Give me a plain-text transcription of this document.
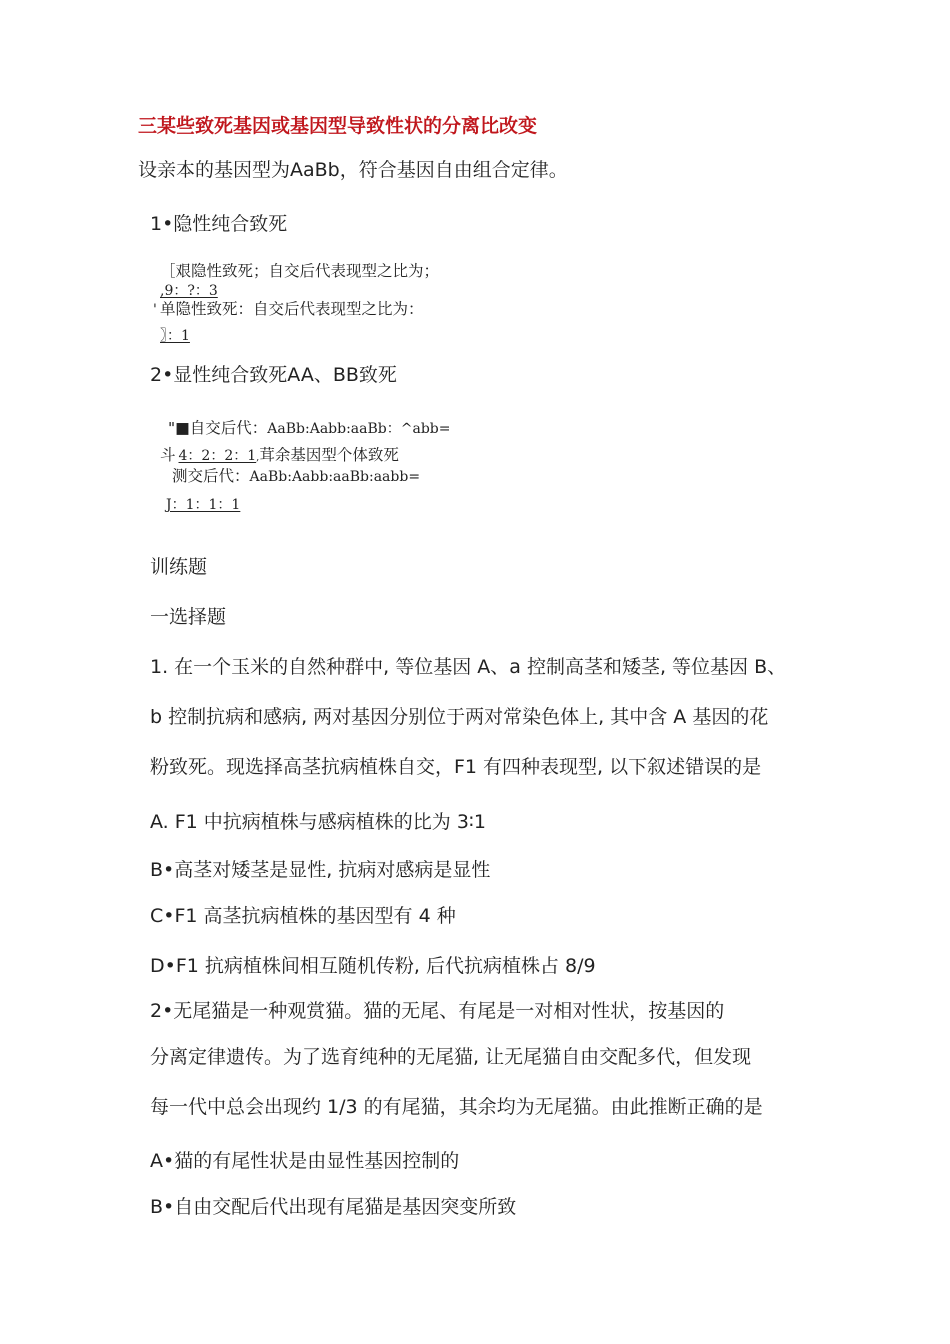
三某些致死基因或基因型导致性状的分离比改变
设亲本的基因型为AaBb，符合基因自由组合定律。
1•隐性纯合致死
［艰隐性致死；自交后代表现型之比为；
,9：?：3
' 单隐性致死：自交后代表现型之比为：
〗：1
2•显性纯合致死AA、BB致死
"■自交后代：AaBb:Aabb:aaBb：^abb=
斗 4：2：2：1,茸余基因型个体致死
测交后代：AaBb:Aabb:aaBb:aabb=
J：1：1：1
训练题
一选择题
1. 在一个玉米的自然种群中, 等位基因 A、a 控制高茎和矮茎, 等位基因 B、
b 控制抗病和感病, 两对基因分别位于两对常染色体上, 其中含 A 基因的花
粉致死。现选择高茎抗病植株自交，F1 有四种表现型, 以下叙述错误的是
A. F1 中抗病植株与感病植株的比为 3∶1
B•高茎对矮茎是显性, 抗病对感病是显性
C•F1 高茎抗病植株的基因型有 4 种
D•F1 抗病植株间相互随机传粉, 后代抗病植株占 8/9
2•无尾猫是一种观赏猫。猫的无尾、有尾是一对相对性状，按基因的
分离定律遗传。为了选育纯种的无尾猫, 让无尾猫自由交配多代，但发现
每一代中总会出现约 1/3 的有尾猫，其余均为无尾猫。由此推断正确的是
A•猫的有尾性状是由显性基因控制的
B•自由交配后代出现有尾猫是基因突变所致
